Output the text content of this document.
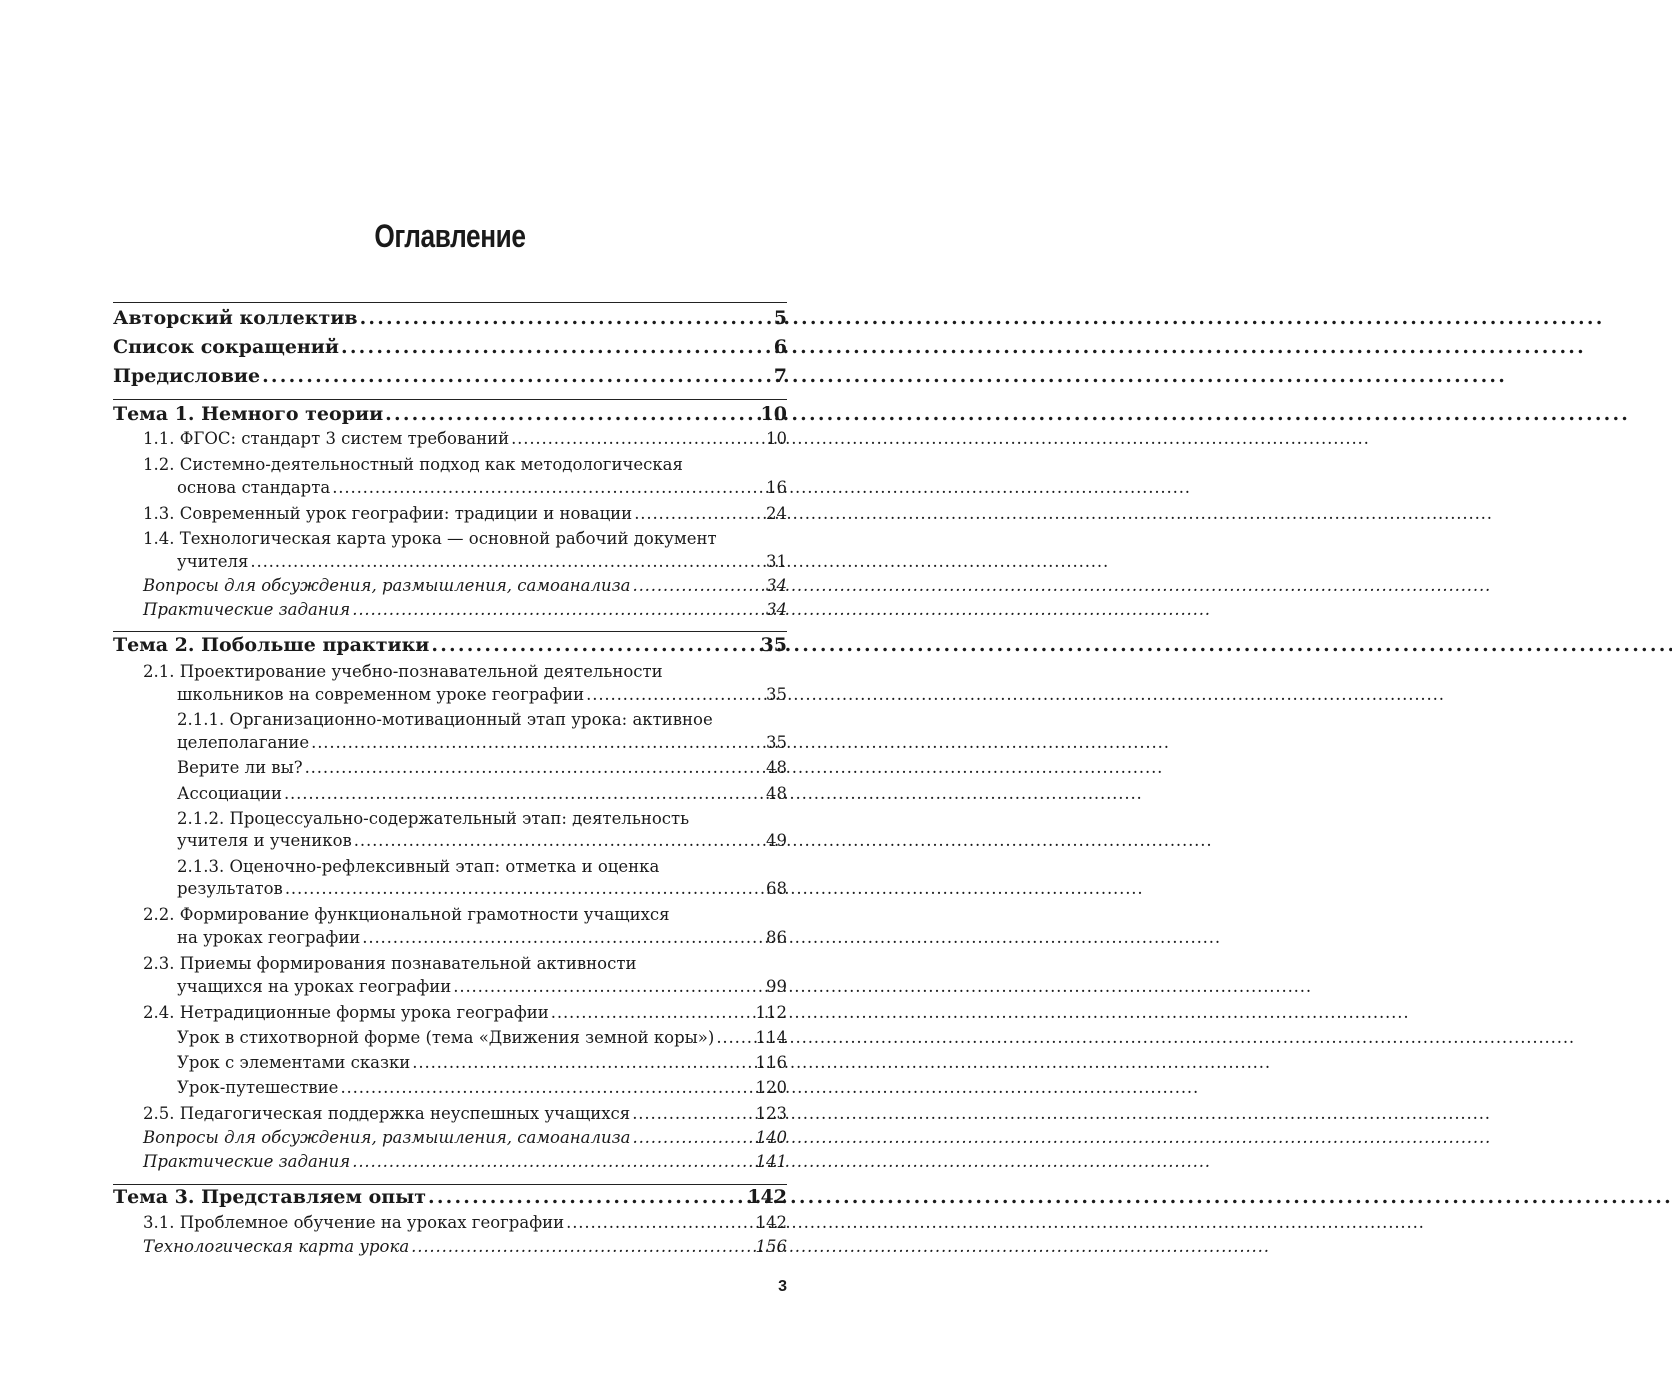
Оглавление
Авторский коллектив . . .	5
Список сокращений . . .	6
Предисловие . . .	7
Тема 1. Немного теории . . .	10
1.1. ФГОС: стандарт 3 систем требований . . .	10
1.2. Системно-деятельностный подход как методологическая
основа стандарта . . .	16
1.3. Современный урок географии: традиции и новации . . .	24
1.4. Технологическая карта урока — основной рабочий документ
учителя . . .	31
Вопросы для обсуждения, размышления, самоанализа . . .	34
Практические задания . . .	34
Тема 2. Побольше практики . . .	35
2.1. Проектирование учебно-познавательной деятельности
школьников на современном уроке географии . . .	35
2.1.1. Организационно-мотивационный этап урока: активное
целеполагание . . .	35
Верите ли вы? . . .	48
Ассоциации . . .	48
2.1.2. Процессуально-содержательный этап: деятельность
учителя и учеников . . .	49
2.1.3. Оценочно-рефлексивный этап: отметка и оценка
результатов . . .	68
2.2. Формирование функциональной грамотности учащихся
на уроках географии . . .	86
2.3. Приемы формирования познавательной активности
учащихся на уроках географии . . .	99
2.4. Нетрадиционные формы урока географии . . .	112
Урок в стихотворной форме (тема «Движения земной коры») . . . 114
Урок с элементами сказки . . .	116
Урок-путешествие . . .	120
2.5. Педагогическая поддержка неуспешных учащихся . . .	123
Вопросы для обсуждения, размышления, самоанализа . . .	140
Практические задания . . .	141
Тема 3. Представляем опыт . . .	142
3.1. Проблемное обучение на уроках географии . . .	142
Технологическая карта урока . . .	156
3
